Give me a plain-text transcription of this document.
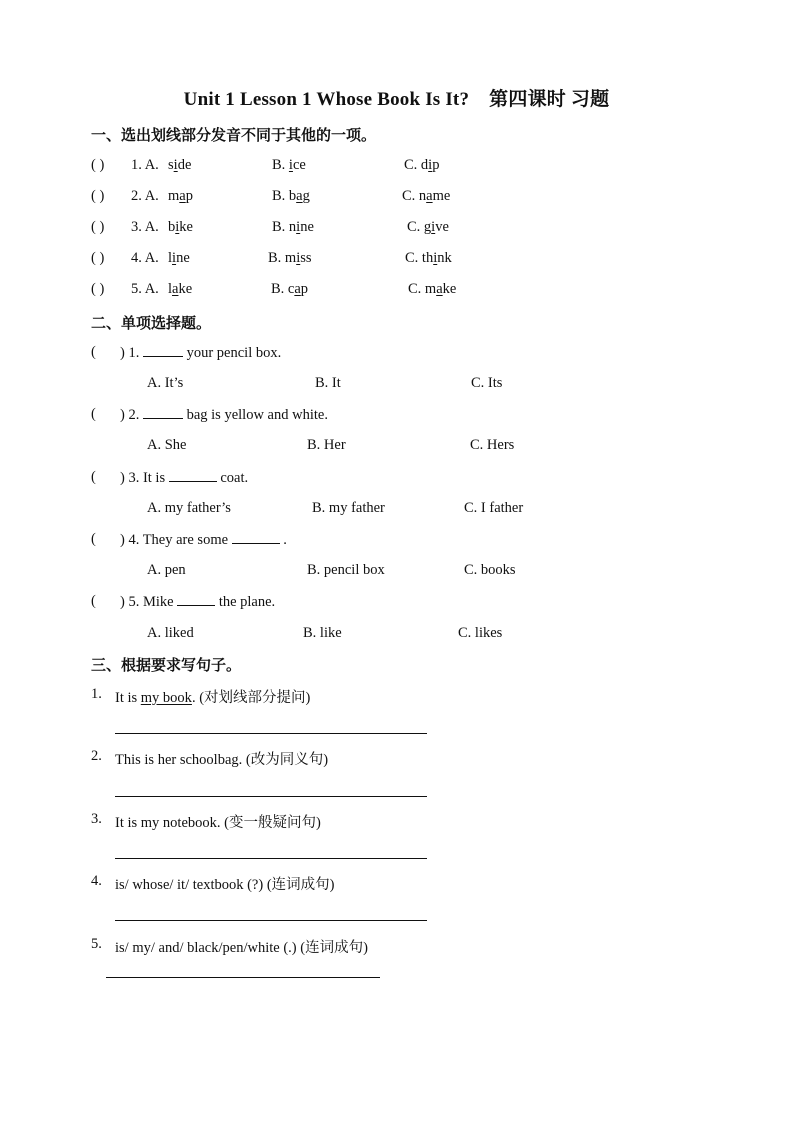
Unit 1 Lesson 1 Whose Book Is It? 第四课时 习题
一、选出划线部分发音不同于其他的一项。
( ) 1. A. side	B. ice	C. dip
( ) 2. A. map	B. bag	C. name
( ) 3. A. bike	B. nine	C. give
( ) 4. A. line	B. miss	C. think
( ) 5. A. lake	B. cap	C. make
二、单项选择题。
( ) 1.	your pencil box.
A. It’s	B. It	C. Its
( ) 2.	bag is yellow and white.
A. She	B. Her	C. Hers
( ) 3. It is	coat.
A. my father’s	B. my father	C. I father
( ) 4. They are some	.
A. pen	B. pencil box	C. books
( ) 5. Mike	the plane.
A. liked	B. like	C. likes
三、根据要求写句子。
1. It is my book. (对划线部分提问)
2. This is her schoolbag. (改为同义句)
3. It is my notebook. (变一般疑问句)
4. is/ whose/ it/ textbook (?) (连词成句)
5. is/ my/ and/ black/pen/white (.) (连词成句)
